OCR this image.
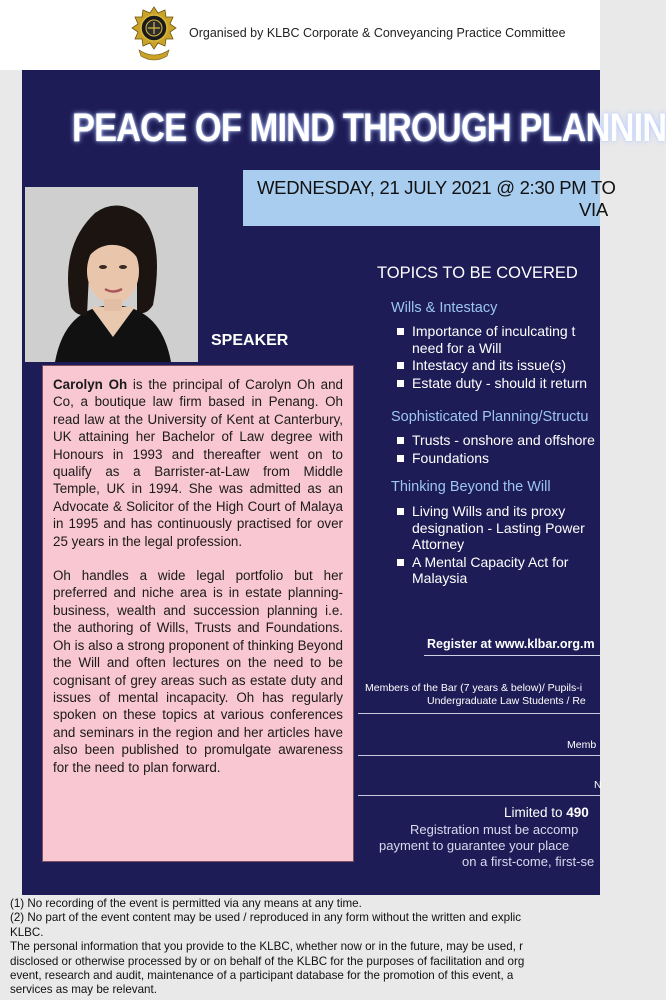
Organised by KLBC Corporate & Conveyancing Practice Committee
PEACE OF MIND THROUGH PLANNIN
WEDNESDAY, 21 JULY 2021 @ 2:30 PM TO
VIA
SPEAKER

Carolyn Oh is the principal of Carolyn Oh and Co, a boutique law firm based in Penang. Oh read law at the University of Kent at Canterbury, UK attaining her Bachelor of Law degree with Honours in 1993 and thereafter went on to qualify as a Barrister-at-Law from Middle Temple, UK in 1994. She was admitted as an Advocate & Solicitor of the High Court of Malaya in 1995 and has continuously practised for over 25 years in the legal profession.

Oh handles a wide legal portfolio but her preferred and niche area is in estate planning-business, wealth and succession planning i.e. the authoring of Wills, Trusts and Foundations. Oh is also a strong proponent of thinking Beyond the Will and often lectures on the need to be cognisant of grey areas such as estate duty and issues of mental incapacity. Oh has regularly spoken on these topics at various conferences and seminars in the region and her articles have also been published to promulgate awareness for the need to plan forward.

TOPICS TO BE COVERED
Wills & Intestacy
Importance of inculcating t
need for a Will
Intestacy and its issue(s)
Estate duty - should it return
Sophisticated Planning/Structu
Trusts - onshore and offshore
Foundations
Thinking Beyond the Will
Living Wills and its proxy
designation - Lasting Power
Attorney
A Mental Capacity Act for
Malaysia
Register at www.klbar.org.m
Members of the Bar (7 years & below)/ Pupils-i
Undergraduate Law Students / Re
Memb
N
Limited to 490
Registration must be accomp
payment to guarantee your place
on a first-come, first-se
(1) No recording of the event is permitted via any means at any time.
(2) No part of the event content may be used / reproduced in any form without the written and explic
KLBC.
The personal information that you provide to the KLBC, whether now or in the future, may be used, r
disclosed or otherwise processed by or on behalf of the KLBC for the purposes of facilitation and org
event, research and audit, maintenance of a participant database for the promotion of this event, a
services as may be relevant.
